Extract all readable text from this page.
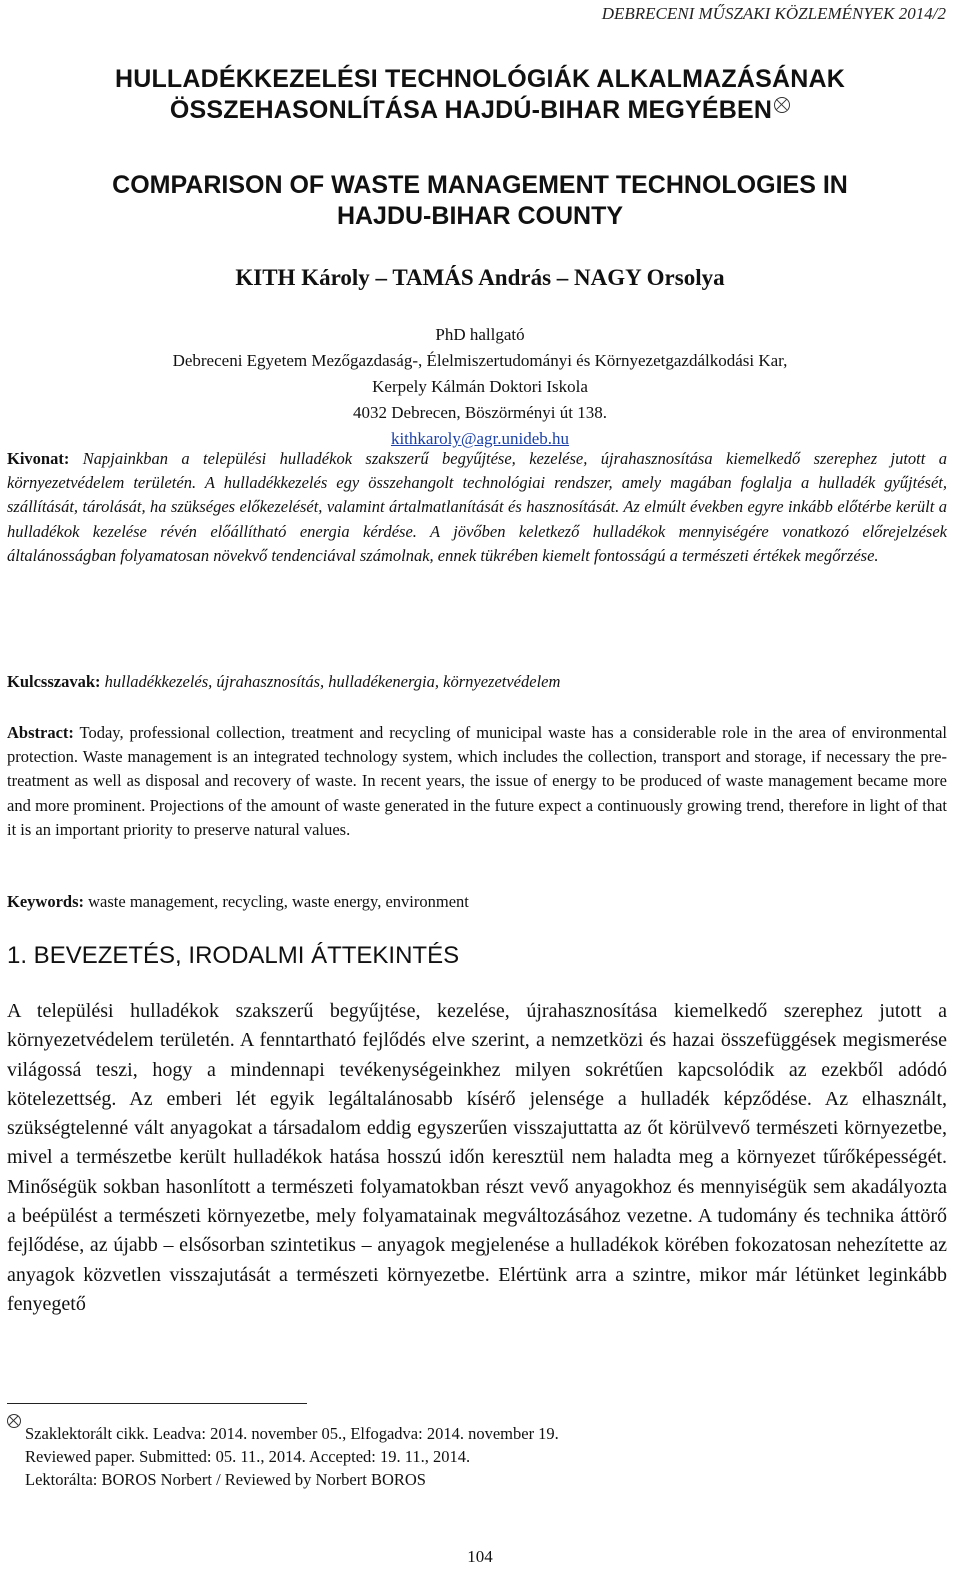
DEBRECENI MŰSZAKI KÖZLEMÉNYEK 2014/2
HULLADÉKKEZELÉSI TECHNOLÓGIÁK ALKALMAZÁSÁNAK
ÖSSZEHASONLÍTÁSA HAJDÚ-BIHAR MEGYÉBEN
COMPARISON OF WASTE MANAGEMENT TECHNOLOGIES IN
HAJDU-BIHAR COUNTY
KITH Károly – TAMÁS András – NAGY Orsolya
PhD hallgató
Debreceni Egyetem Mezőgazdaság-, Élelmiszertudományi és Környezetgazdálkodási Kar,
Kerpely Kálmán Doktori Iskola
4032 Debrecen, Böszörményi út 138.
kithkaroly@agr.unideb.hu
Kivonat: Napjainkban a települési hulladékok szakszerű begyűjtése, kezelése, újrahasznosítása kiemelkedő szerephez jutott a környezetvédelem területén. A hulladékkezelés egy összehangolt technológiai rendszer, amely magában foglalja a hulladék gyűjtését, szállítását, tárolását, ha szükséges előkezelését, valamint ártalmatlanítását és hasznosítását. Az elmúlt években egyre inkább előtérbe került a hulladékok kezelése révén előállítható energia kérdése. A jövőben keletkező hulladékok mennyiségére vonatkozó előrejelzések általánosságban folyamatosan növekvő tendenciával számolnak, ennek tükrében kiemelt fontosságú a természeti értékek megőrzése.
Kulcsszavak: hulladékkezelés, újrahasznosítás, hulladékenergia, környezetvédelem
Abstract: Today, professional collection, treatment and recycling of municipal waste has a considerable role in the area of environmental protection. Waste management is an integrated technology system, which includes the collection, transport and storage, if necessary the pre-treatment as well as disposal and recovery of waste. In recent years, the issue of energy to be produced of waste management became more and more prominent. Projections of the amount of waste generated in the future expect a continuously growing trend, therefore in light of that it is an important priority to preserve natural values.
Keywords: waste management, recycling, waste energy, environment
1. BEVEZETÉS, IRODALMI ÁTTEKINTÉS
A települési hulladékok szakszerű begyűjtése, kezelése, újrahasznosítása kiemelkedő szerephez jutott a környezetvédelem területén. A fenntartható fejlődés elve szerint, a nemzetközi és hazai összefüggések megismerése világossá teszi, hogy a mindennapi tevékenységeinkhez milyen sokrétűen kapcsolódik az ezekből adódó kötelezettség. Az emberi lét egyik legáltalánosabb kísérő jelensége a hulladék képződése. Az elhasznált, szükségtelenné vált anyagokat a társadalom eddig egyszerűen visszajuttatta az őt körülvevő természeti környezetbe, mivel a természetbe került hulladékok hatása hosszú időn keresztül nem haladta meg a környezet tűrőképességét. Minőségük sokban hasonlított a természeti folyamatokban részt vevő anyagokhoz és mennyiségük sem akadályozta a beépülést a természeti környezetbe, mely folyamatainak megváltozásához vezetne. A tudomány és technika áttörő fejlődése, az újabb – elsősorban szintetikus – anyagok megjelenése a hulladékok körében fokozatosan nehezítette az anyagok közvetlen visszajutását a természeti környezetbe. Elértünk arra a szintre, mikor már létünket leginkább fenyegető
Szaklektorált cikk. Leadva: 2014. november 05., Elfogadva: 2014. november 19.
Reviewed paper. Submitted: 05. 11., 2014. Accepted: 19. 11., 2014.
Lektorálta: BOROS Norbert / Reviewed by Norbert BOROS
104
